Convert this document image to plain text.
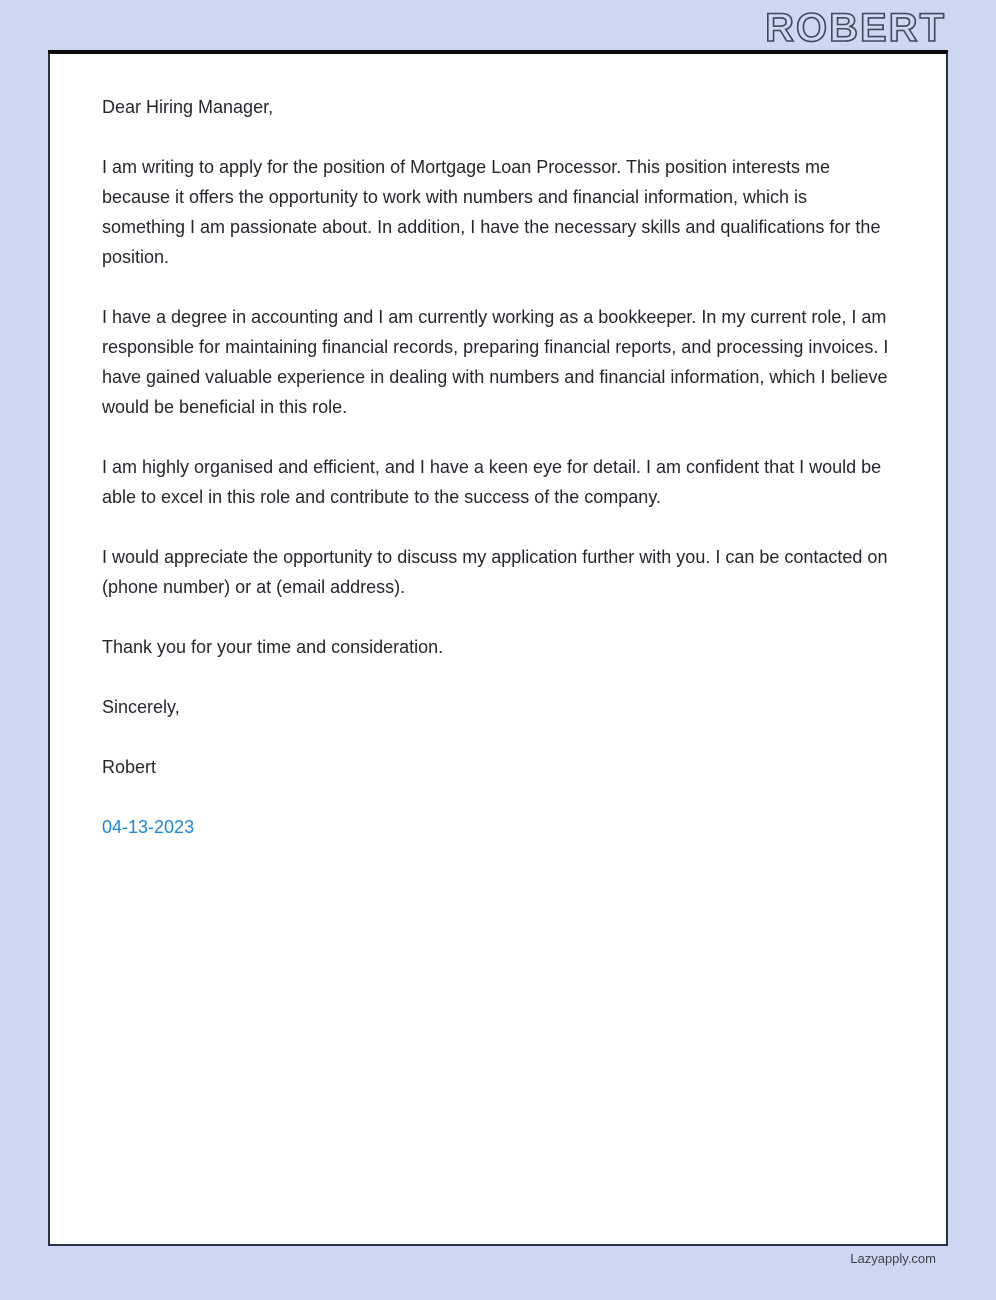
ROBERT

Dear Hiring Manager,

I am writing to apply for the position of Mortgage Loan Processor. This position interests me because it offers the opportunity to work with numbers and financial information, which is something I am passionate about. In addition, I have the necessary skills and qualifications for the position.

I have a degree in accounting and I am currently working as a bookkeeper. In my current role, I am responsible for maintaining financial records, preparing financial reports, and processing invoices. I have gained valuable experience in dealing with numbers and financial information, which I believe would be beneficial in this role.

I am highly organised and efficient, and I have a keen eye for detail. I am confident that I would be able to excel in this role and contribute to the success of the company.

I would appreciate the opportunity to discuss my application further with you. I can be contacted on (phone number) or at (email address).

Thank you for your time and consideration.

Sincerely,

Robert

04-13-2023

Lazyapply.com
